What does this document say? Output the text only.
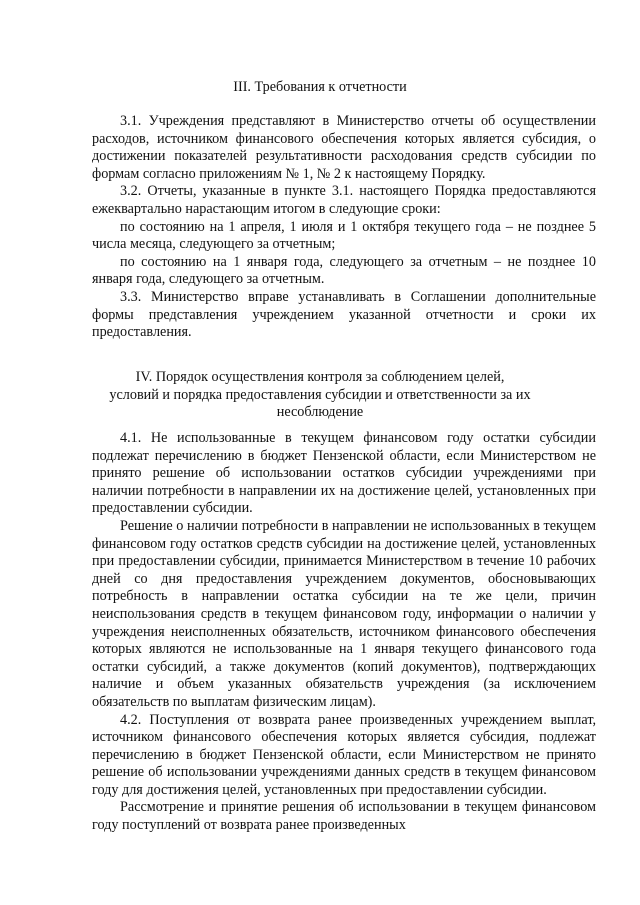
III. Требования к отчетности

3.1. Учреждения представляют в Министерство отчеты об осуществлении расходов, источником финансового обеспечения которых является субсидия, о достижении показателей результативности расходования средств субсидии по формам согласно приложениям № 1, № 2 к настоящему Порядку.

3.2. Отчеты, указанные в пункте 3.1. настоящего Порядка предоставляются ежеквартально нарастающим итогом в следующие сроки:

по состоянию на 1 апреля, 1 июля и 1 октября текущего года – не позднее 5 числа месяца, следующего за отчетным;

по состоянию на 1 января года, следующего за отчетным – не позднее 10 января года, следующего за отчетным.

3.3. Министерство вправе устанавливать в Соглашении дополнительные формы представления учреждением указанной отчетности и сроки их предоставления.

IV. Порядок осуществления контроля за соблюдением целей,
условий и порядка предоставления субсидии и ответственности за их
несоблюдение

4.1. Не использованные в текущем финансовом году остатки субсидии подлежат перечислению в бюджет Пензенской области, если Министерством не принято решение об использовании остатков субсидии учреждениями при наличии потребности в направлении их на достижение целей, установленных при предоставлении субсидии.

Решение о наличии потребности в направлении не использованных в текущем финансовом году остатков средств субсидии на достижение целей, установленных при предоставлении субсидии, принимается Министерством в течение 10 рабочих дней со дня предоставления учреждением документов, обосновывающих потребность в направлении остатка субсидии на те же цели, причин неиспользования средств в текущем финансовом году, информации о наличии у учреждения неисполненных обязательств, источником финансового обеспечения которых являются не использованные на 1 января текущего финансового года остатки субсидий, а также документов (копий документов), подтверждающих наличие и объем указанных обязательств учреждения (за исключением обязательств по выплатам физическим лицам).

4.2. Поступления от возврата ранее произведенных учреждением выплат, источником финансового обеспечения которых является субсидия, подлежат перечислению в бюджет Пензенской области, если Министерством не принято решение об использовании учреждениями данных средств в текущем финансовом году для достижения целей, установленных при предоставлении субсидии.

Рассмотрение и принятие решения об использовании в текущем финансовом году поступлений от возврата ранее произведенных
